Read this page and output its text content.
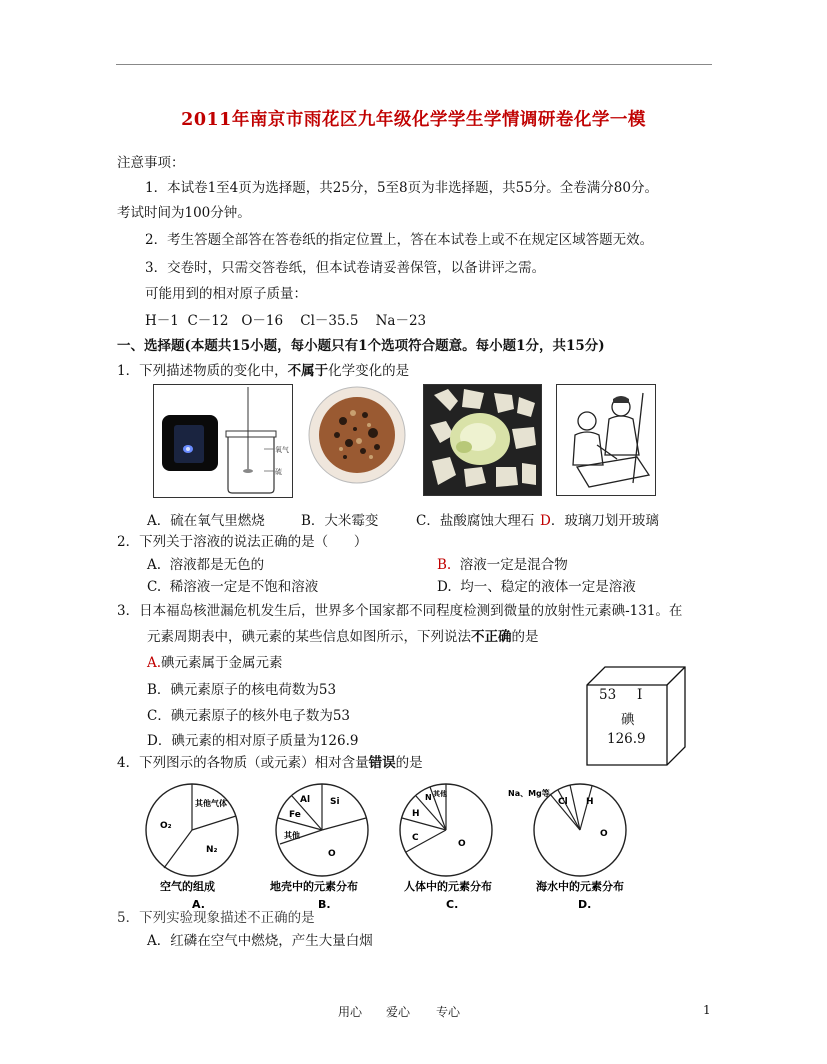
2011年南京市雨花区九年级化学学生学情调研卷化学一模
注意事项：
1．本试卷1至4页为选择题，共25分，5至8页为非选择题，共55分。全卷满分80分。
考试时间为100分钟。
2．考生答题全部答在答卷纸的指定位置上，答在本试卷上或不在规定区域答题无效。
3．交卷时，只需交答卷纸，但本试卷请妥善保管，以备讲评之需。
可能用到的相对原子质量：
H－1  C－12   O－16    Cl－35.5    Na－23
一、选择题(本题共15小题，每小题只有1个选项符合题意。每小题1分，共15分)
1．下列描述物质的变化中，不属于化学变化的是
氧气
硫
A．硫在氧气里燃烧	B．大米霉变	C．盐酸腐蚀大理石 D．玻璃刀划开玻璃
2．下列关于溶液的说法正确的是（      ）
A.  溶液都是无色的	B.  溶液一定是混合物
C.  稀溶液一定是不饱和溶液	D.  均一、稳定的液体一定是溶液
3．日本福岛核泄漏危机发生后，世界多个国家都不同程度检测到微量的放射性元素碘-131。在
元素周期表中，碘元素的某些信息如图所示，下列说法不正确的是
A.碘元素属于金属元素
B．碘元素原子的核电荷数为53
C．碘元素原子的核外电子数为53
D．碘元素的相对原子质量为126.9
53 I
碘
126.9
4．下列图示的各物质（或元素）相对含量错误的是
其他气体
O₂
N₂
空气的组成
Al Si
Fe
其他
O
地壳中的元素分布
N 其他
H
C
O
人体中的元素分布
Na、Mg等
Cl H
O
海水中的元素分布
A.	B.	C.	D.
5．下列实验现象描述不正确的是
A．红磷在空气中燃烧，产生大量白烟
用心 爱心 专心	1
